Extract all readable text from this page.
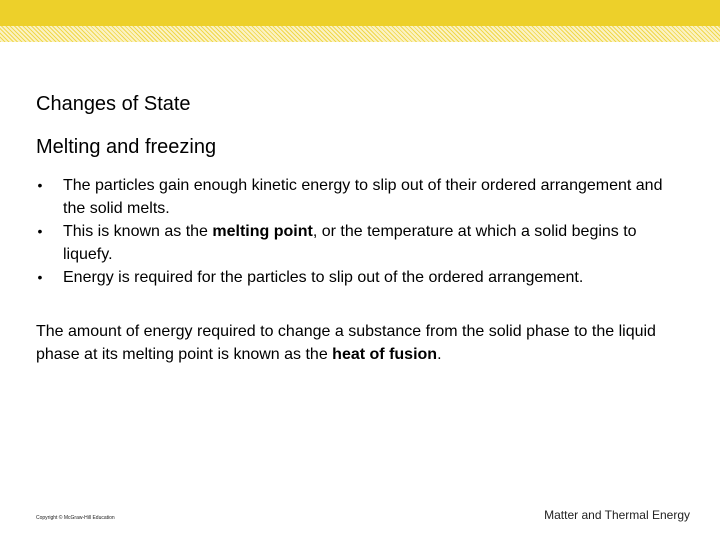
Changes of State
Melting and freezing
• The particles gain enough kinetic energy to slip out of their ordered arrangement and the solid melts.
• This is known as the melting point, or the temperature at which a solid begins to liquefy.
• Energy is required for the particles to slip out of the ordered arrangement.

The amount of energy required to change a substance from the solid phase to the liquid phase at its melting point is known as the heat of fusion.

Copyright © McGraw-Hill Education	Matter and Thermal Energy
